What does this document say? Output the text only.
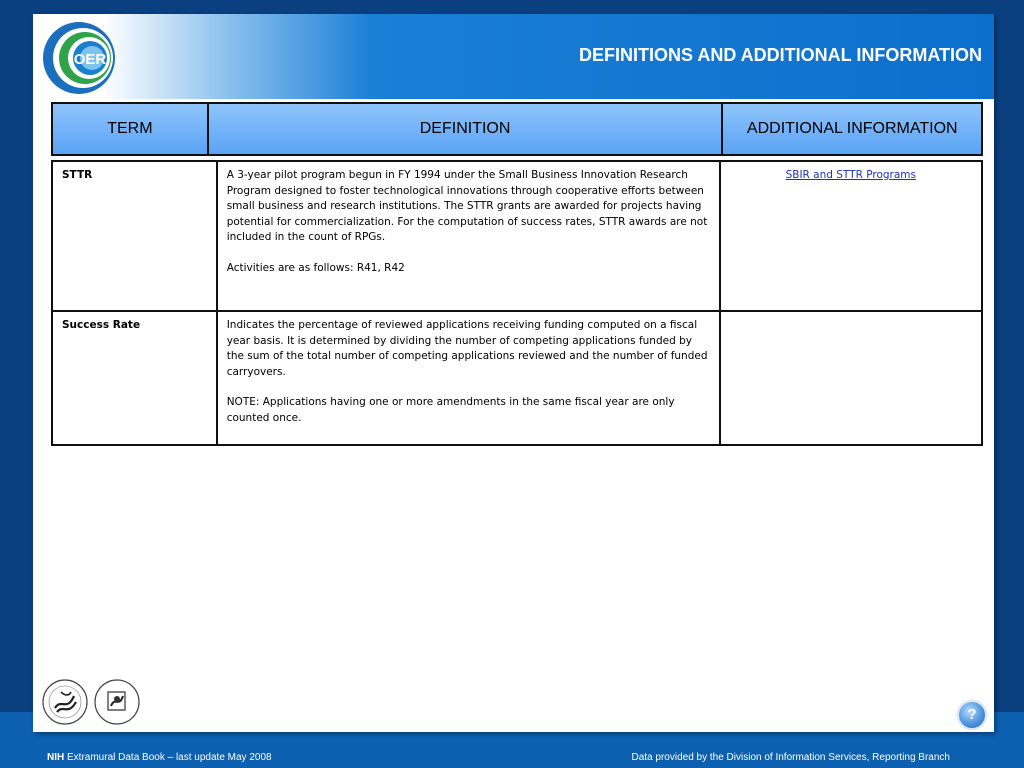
OER	DEFINITIONS AND ADDITIONAL INFORMATION
TERM	DEFINITION	ADDITIONAL INFORMATION
STTR	A 3-year pilot program begun in FY 1994 under the Small Business Innovation Research Program designed to foster technological innovations through cooperative efforts between small business and research institutions. The STTR grants are awarded for projects having potential for commercialization. For the computation of success rates, STTR awards are not included in the count of RPGs.

Activities are as follows: R41, R42	SBIR and STTR Programs
Success Rate	Indicates the percentage of reviewed applications receiving funding computed on a fiscal year basis. It is determined by dividing the number of competing applications funded by the sum of the total number of competing applications reviewed and the number of funded carryovers.

NOTE: Applications having one or more amendments in the same fiscal year are only counted once.	

?
NIH Extramural Data Book – last update May 2008	Data provided by the Division of Information Services, Reporting Branch
